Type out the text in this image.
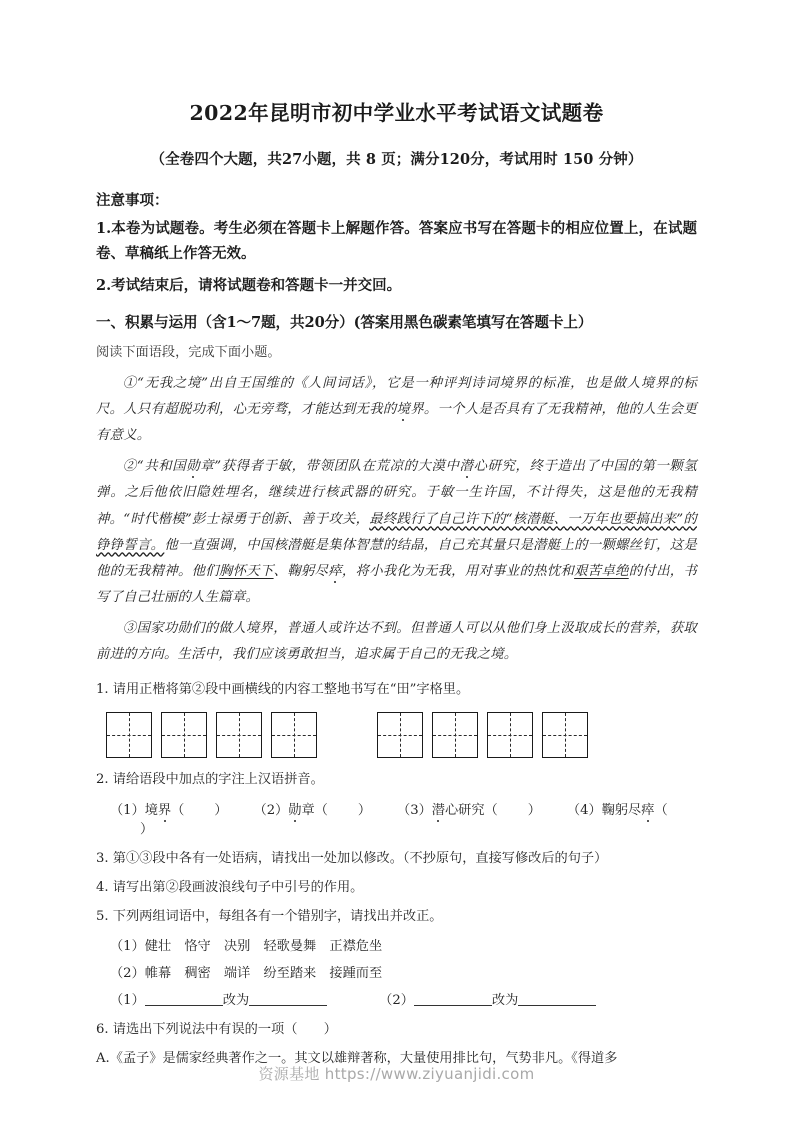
2022年昆明市初中学业水平考试语文试题卷
（全卷四个大题，共27小题，共 8 页；满分120分，考试用时 150 分钟）
注意事项：

1.本卷为试题卷。考生必须在答题卡上解题作答。答案应书写在答题卡的相应位置上，在试题卷、草稿纸上作答无效。

2.考试结束后，请将试题卷和答题卡一并交回。

一、积累与运用（含1～7题，共20分）(答案用黑色碳素笔填写在答题卡上）
阅读下面语段，完成下面小题。

①“无我之境”出自王国维的《人间词话》，它是一种评判诗词境界的标准，也是做人境界的标尺。人只有超脱功利，心无旁骛，才能达到无我的境界。一个人是否具有了无我精神，他的人生会更有意义。

②“共和国勋章”获得者于敏，带领团队在荒凉的大漠中潜心研究，终于造出了中国的第一颗氢弹。之后他依旧隐姓埋名，继续进行核武器的研究。于敏一生许国，不计得失，这是他的无我精神。“时代楷模”彭士禄勇于创新、善于攻关，最终践行了自己许下的“核潜艇、一万年也要搞出来”的铮铮誓言。他一直强调，中国核潜艇是集体智慧的结晶，自己充其量只是潜艇上的一颗螺丝钉，这是他的无我精神。他们胸怀天下、鞠躬尽瘁，将小我化为无我，用对事业的热忱和艰苦卓绝的付出，书写了自己壮丽的人生篇章。

③国家功勋们的做人境界，普通人或许达不到。但普通人可以从他们身上汲取成长的营养，获取前进的方向。生活中，我们应该勇敢担当，追求属于自己的无我之境。

1. 请用正楷将第②段中画横线的内容工整地书写在“田”字格里。

2. 请给语段中加点的字注上汉语拼音。

（1）境界（ ） （2）勋章（ ） （3）潜心研究（ ） （4）鞠躬尽瘁（）

3. 第①③段中各有一处语病，请找出一处加以修改。（不抄原句，直接写修改后的句子）

4. 请写出第②段画波浪线句子中引号的作用。

5. 下列两组词语中，每组各有一个错别字，请找出并改正。

（1）健壮　恪守　决别　轻歌曼舞　正襟危坐
（2）帷幕　稠密　端详　纷至踏来　接踵而至
（1）	改为	（2）	改为

6. 请选出下列说法中有误的一项（　　）

A.《孟子》是儒家经典著作之一。其文以雄辩著称，大量使用排比句，气势非凡。《得道多

资源基地 https://www.ziyuanjidi.com
